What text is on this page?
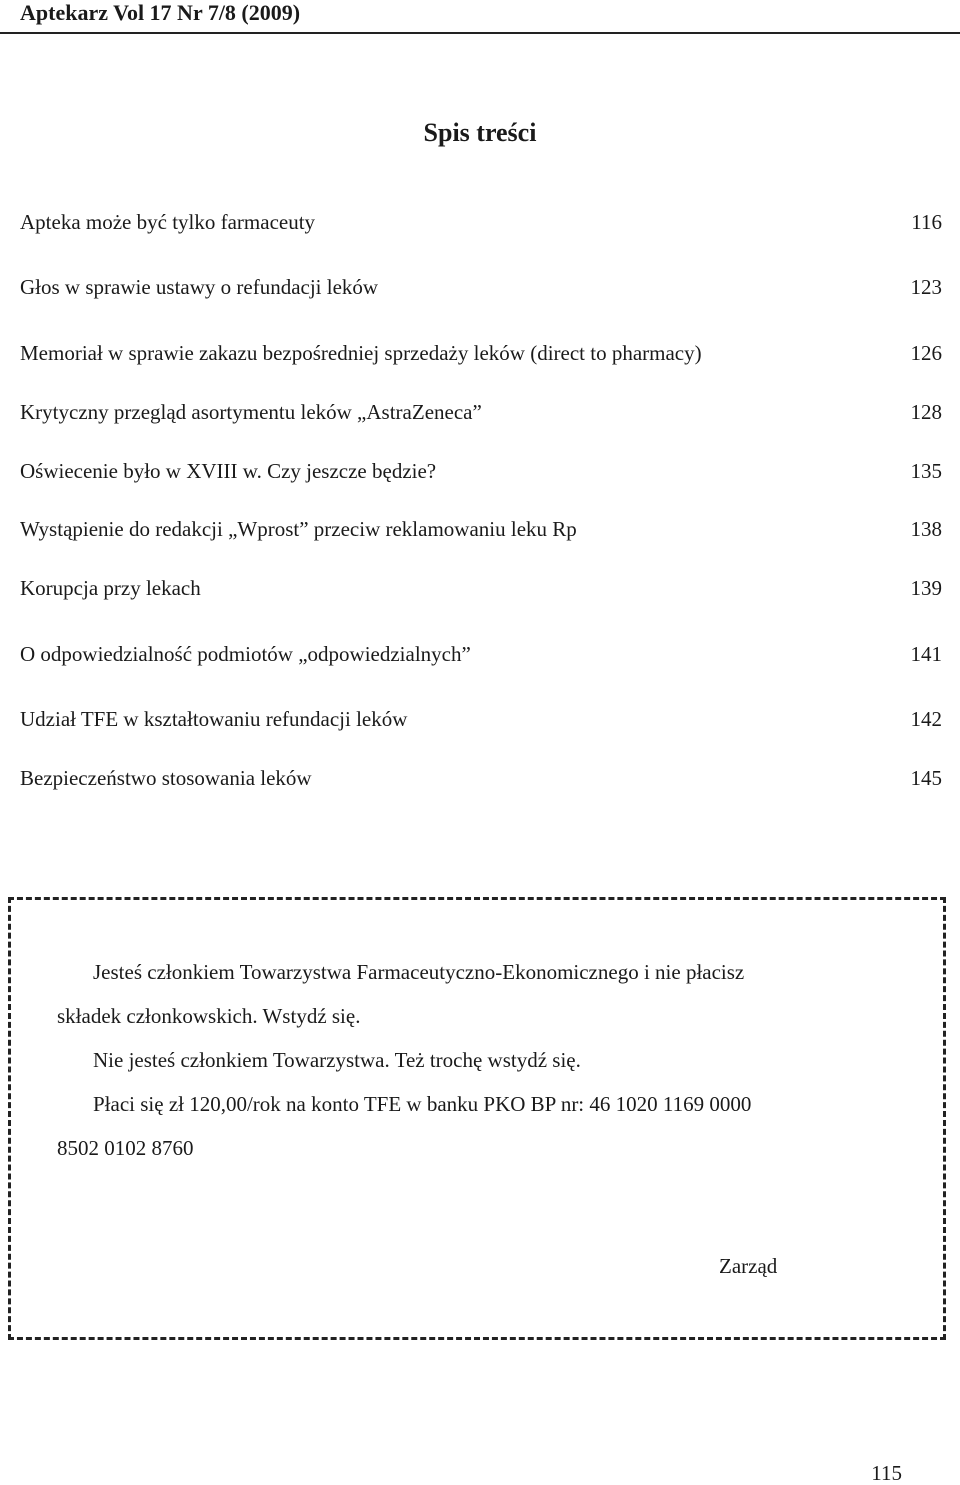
Aptekarz Vol 17 Nr 7/8 (2009)
Spis treści
Apteka może być tylko farmaceuty	116
Głos w sprawie ustawy o refundacji leków	123
Memoriał w sprawie zakazu bezpośredniej sprzedaży leków (direct to pharmacy)	126
Krytyczny przegląd asortymentu leków „AstraZeneca”	128
Oświecenie było w XVIII w. Czy jeszcze będzie?	135
Wystąpienie do redakcji „Wprost” przeciw reklamowaniu leku Rp	138
Korupcja przy lekach	139
O odpowiedzialność podmiotów „odpowiedzialnych”	141
Udział TFE w kształtowaniu refundacji leków	142
Bezpieczeństwo stosowania leków	145
Jesteś członkiem Towarzystwa Farmaceutyczno-Ekonomicznego i nie płacisz
składek członkowskich. Wstydź się.
Nie jesteś członkiem Towarzystwa. Też trochę wstydź się.
Płaci się zł 120,00/rok na konto TFE w banku PKO BP nr: 46 1020 1169 0000
8502 0102 8760
Zarząd
115
